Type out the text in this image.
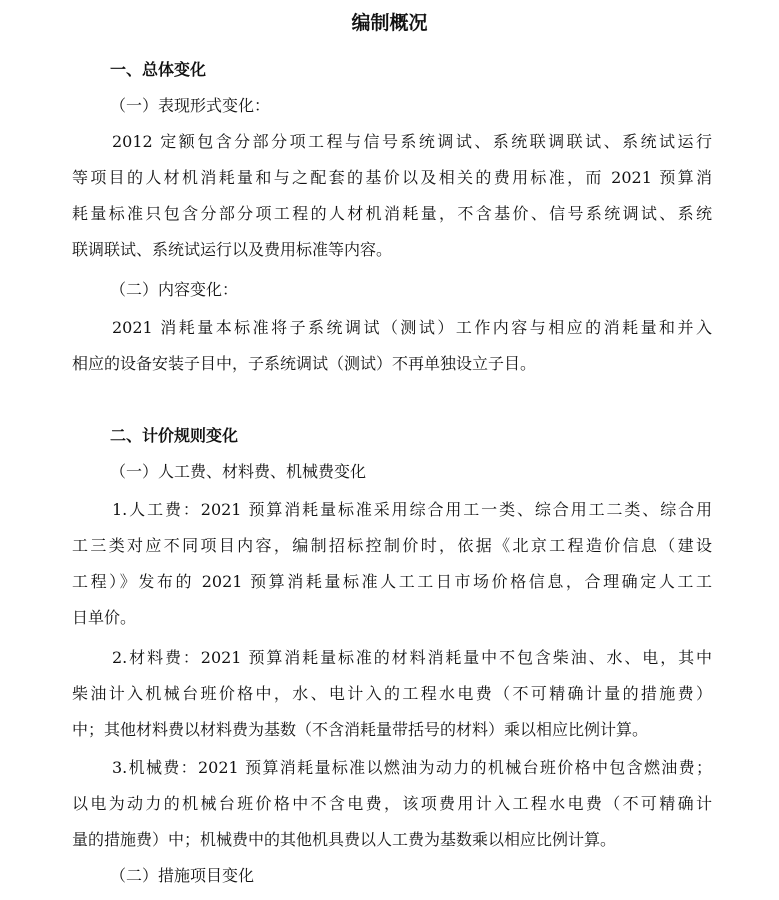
编制概况
一、总体变化
（一）表现形式变化：
2012 定额包含分部分项工程与信号系统调试、系统联调联试、系统试运行
等项目的人材机消耗量和与之配套的基价以及相关的费用标准，而 2021 预算消
耗量标准只包含分部分项工程的人材机消耗量，不含基价、信号系统调试、系统
联调联试、系统试运行以及费用标准等内容。
（二）内容变化：
2021 消耗量本标准将子系统调试（测试）工作内容与相应的消耗量和并入
相应的设备安装子目中，子系统调试（测试）不再单独设立子目。
二、计价规则变化
（一）人工费、材料费、机械费变化
1.人工费：2021 预算消耗量标准采用综合用工一类、综合用工二类、综合用
工三类对应不同项目内容，编制招标控制价时，依据《北京工程造价信息（建设
工程）》发布的 2021 预算消耗量标准人工工日市场价格信息，合理确定人工工
日单价。
2.材料费：2021 预算消耗量标准的材料消耗量中不包含柴油、水、电，其中
柴油计入机械台班价格中，水、电计入的工程水电费（不可精确计量的措施费）
中；其他材料费以材料费为基数（不含消耗量带括号的材料）乘以相应比例计算。
3.机械费：2021 预算消耗量标准以燃油为动力的机械台班价格中包含燃油费；
以电为动力的机械台班价格中不含电费，该项费用计入工程水电费（不可精确计
量的措施费）中；机械费中的其他机具费以人工费为基数乘以相应比例计算。
（二）措施项目变化
